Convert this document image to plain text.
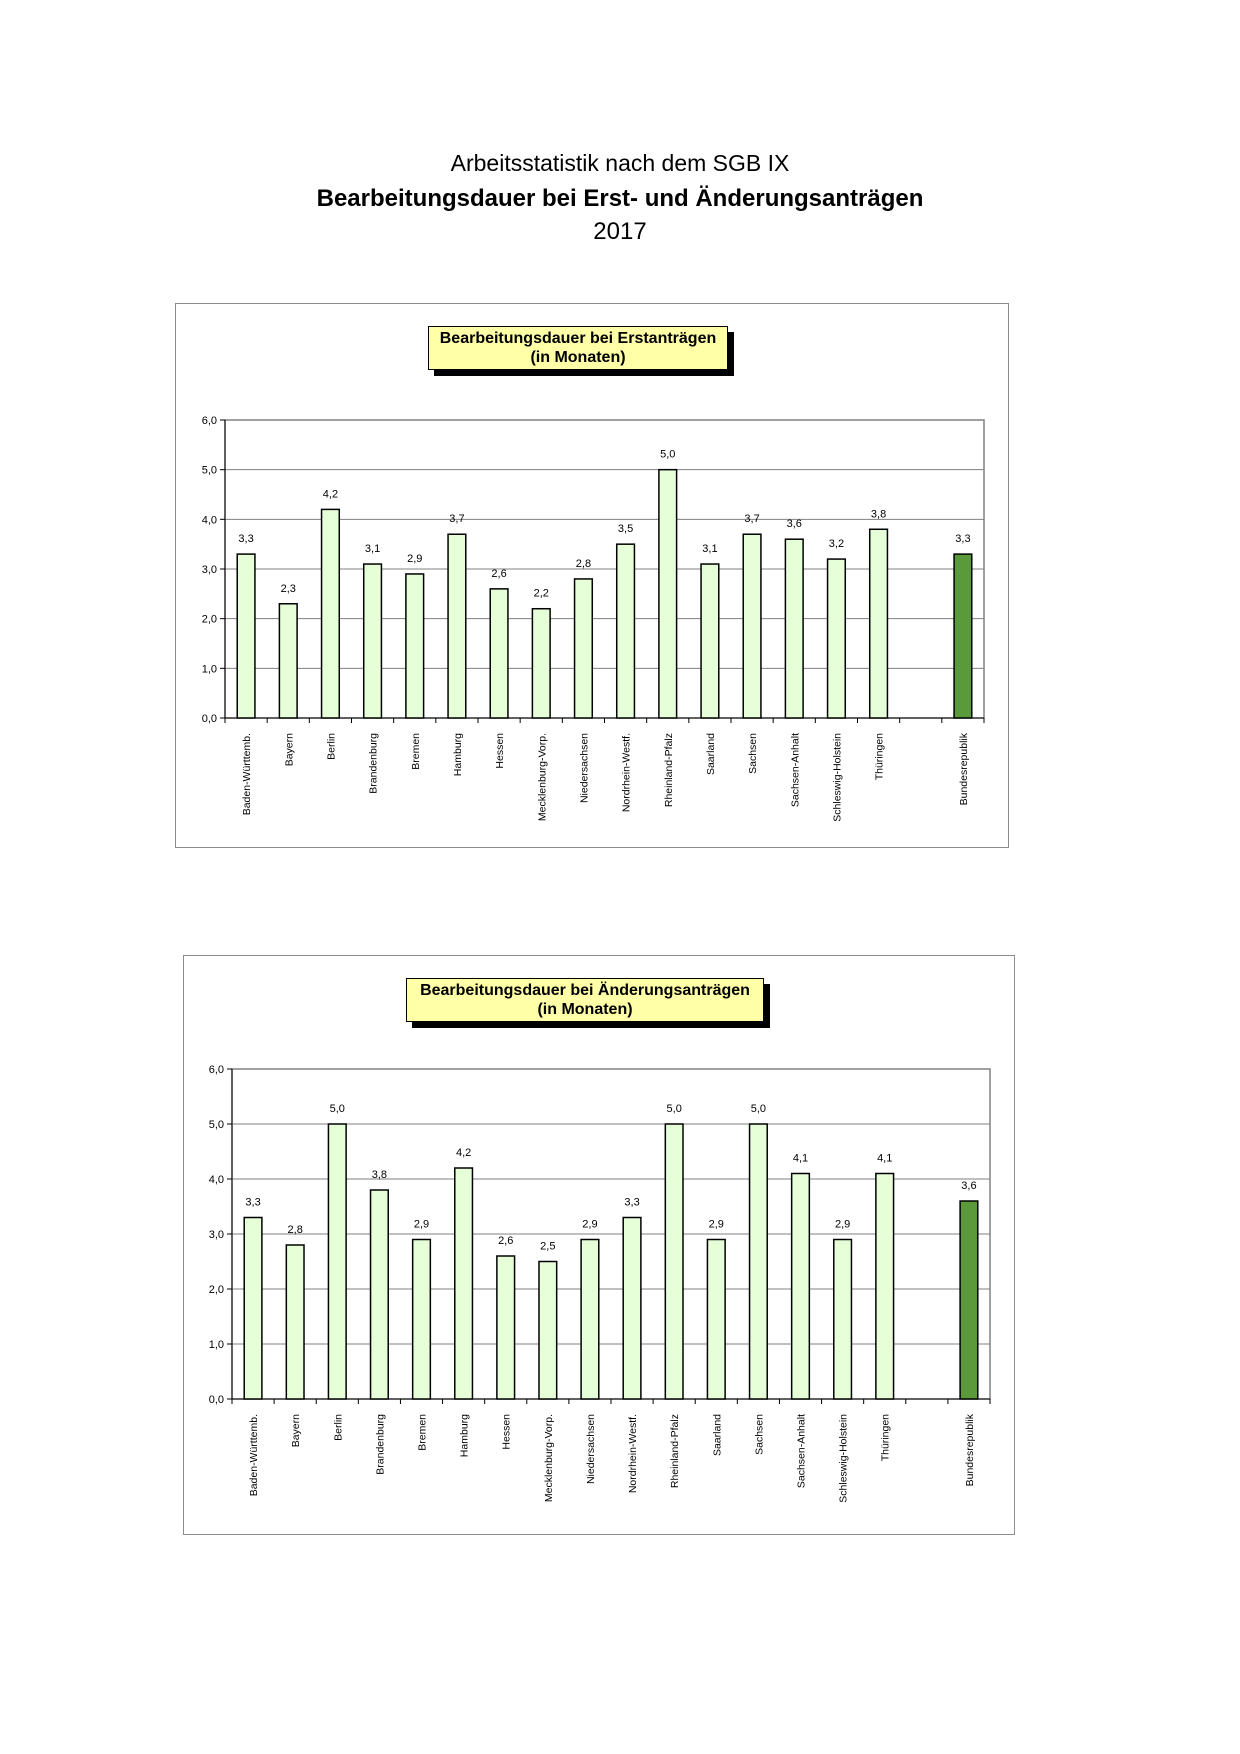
Arbeitsstatistik nach dem SGB IX
Bearbeitungsdauer bei Erst- und Änderungsanträgen
2017
Bearbeitungsdauer bei Erstanträgen
(in Monaten)
0,0
1,0
2,0
3,0
4,0
5,0
6,0
3,3
Baden-Württemb.
2,3
Bayern
4,2
Berlin
3,1
Brandenburg
2,9
Bremen
3,7
Hamburg
2,6
Hessen
2,2
Mecklenburg-Vorp.
2,8
Niedersachsen
3,5
Nordrhein-Westf.
5,0
Rheinland-Pfalz
3,1
Saarland
3,7
Sachsen
3,6
Sachsen-Anhalt
3,2
Schleswig-Holstein
3,8
Thüringen
3,3
Bundesrepublik
Bearbeitungsdauer bei Änderungsanträgen
(in Monaten)
0,0
1,0
2,0
3,0
4,0
5,0
6,0
3,3
Baden-Württemb.
2,8
Bayern
5,0
Berlin
3,8
Brandenburg
2,9
Bremen
4,2
Hamburg
2,6
Hessen
2,5
Mecklenburg-Vorp.
2,9
Niedersachsen
3,3
Nordrhein-Westf.
5,0
Rheinland-Pfalz
2,9
Saarland
5,0
Sachsen
4,1
Sachsen-Anhalt
2,9
Schleswig-Holstein
4,1
Thüringen
3,6
Bundesrepublik
